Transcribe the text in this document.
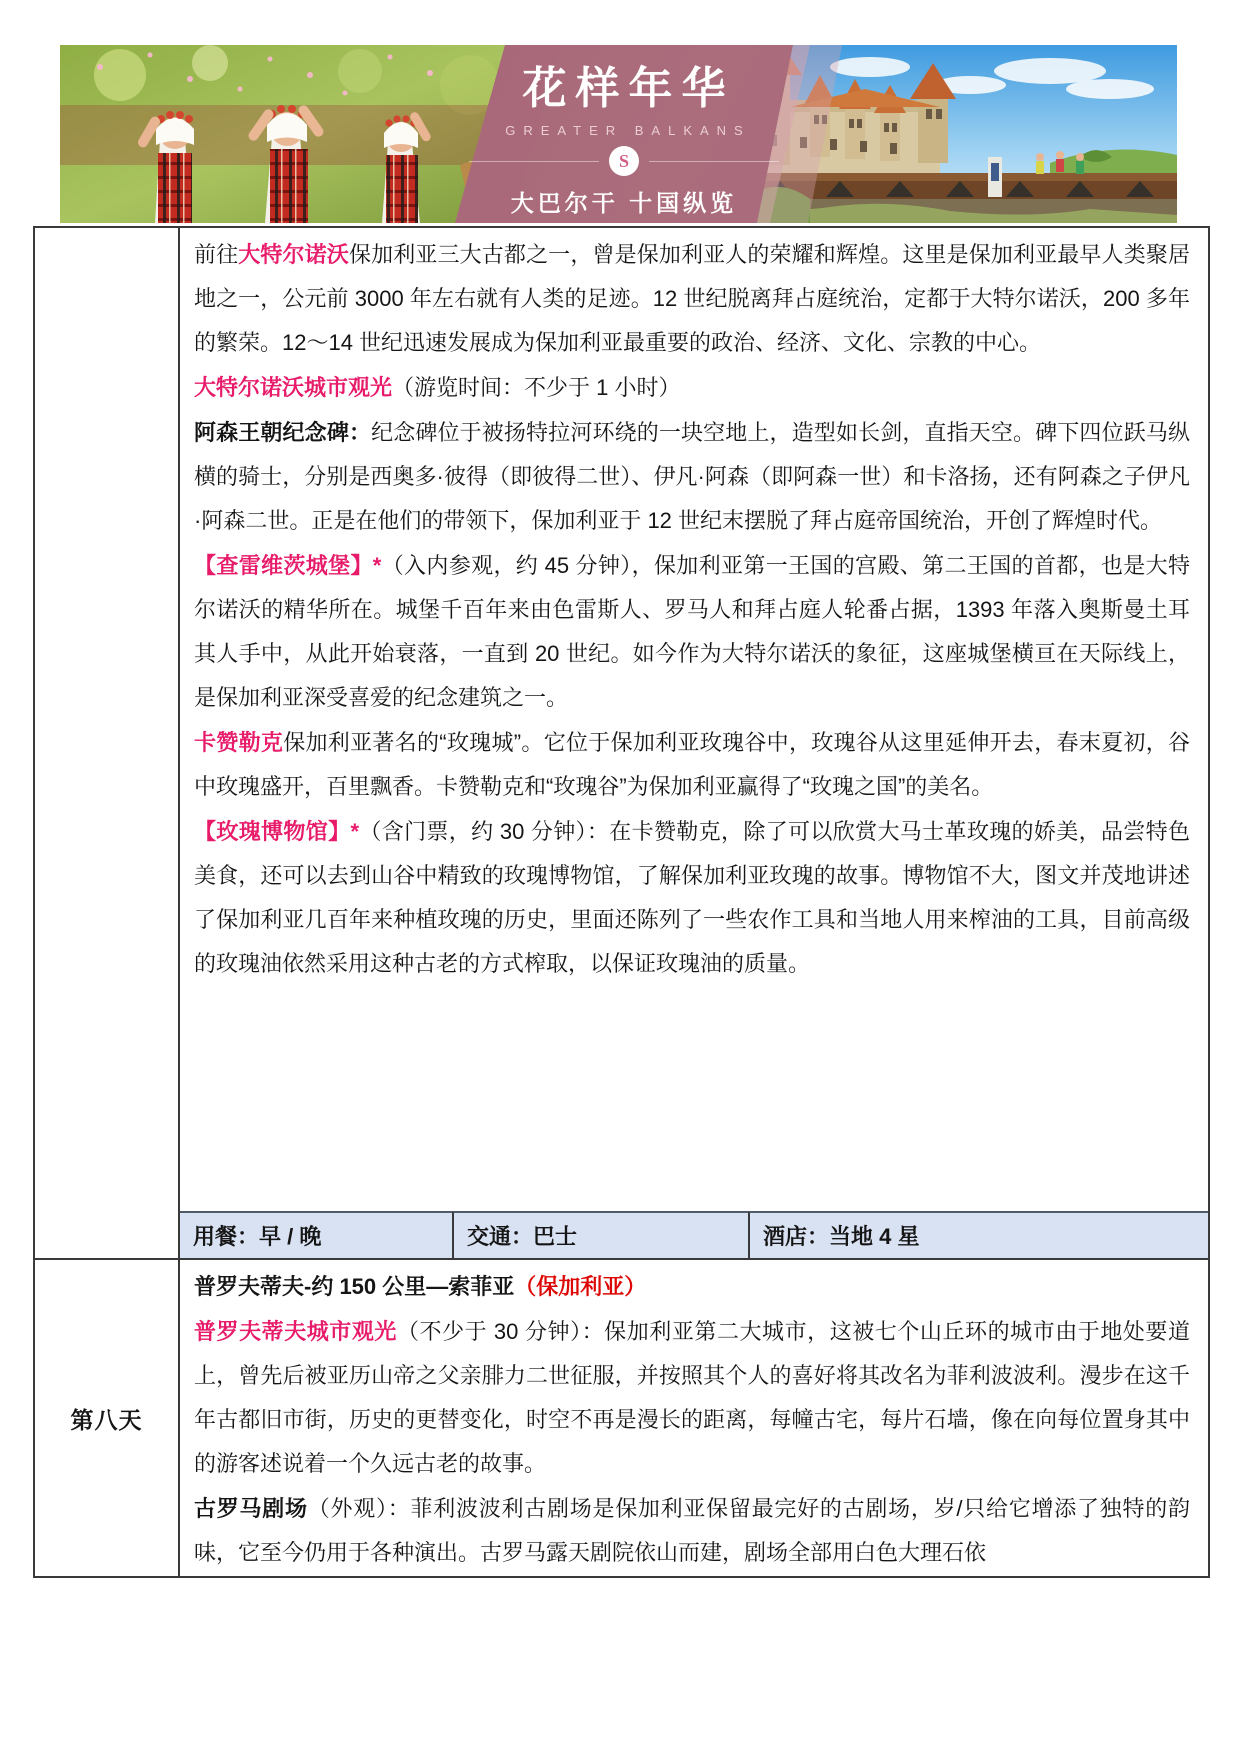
花样年华
GREATER BALKANS
S
大巴尔干 十国纵览

前往大特尔诺沃保加利亚三大古都之一，曾是保加利亚人的荣耀和辉煌。这里是保加利亚最早人类聚居地之一，公元前 3000 年左右就有人类的足迹。12 世纪脱离拜占庭统治，定都于大特尔诺沃，200 多年的繁荣。12～14 世纪迅速发展成为保加利亚最重要的政治、经济、文化、宗教的中心。

大特尔诺沃城市观光（游览时间：不少于 1 小时）

阿森王朝纪念碑：纪念碑位于被扬特拉河环绕的一块空地上，造型如长剑，直指天空。碑下四位跃马纵横的骑士，分别是西奥多·彼得（即彼得二世）、伊凡·阿森（即阿森一世）和卡洛扬，还有阿森之子伊凡·阿森二世。正是在他们的带领下，保加利亚于 12 世纪末摆脱了拜占庭帝国统治，开创了辉煌时代。

【查雷维茨城堡】*（入内参观，约 45 分钟），保加利亚第一王国的宫殿、第二王国的首都，也是大特尔诺沃的精华所在。城堡千百年来由色雷斯人、罗马人和拜占庭人轮番占据，1393 年落入奥斯曼土耳其人手中，从此开始衰落，一直到 20 世纪。如今作为大特尔诺沃的象征，这座城堡横亘在天际线上，是保加利亚深受喜爱的纪念建筑之一。

卡赞勒克保加利亚著名的“玫瑰城”。它位于保加利亚玫瑰谷中，玫瑰谷从这里延伸开去，春末夏初，谷中玫瑰盛开，百里飘香。卡赞勒克和“玫瑰谷”为保加利亚赢得了“玫瑰之国”的美名。

【玫瑰博物馆】*（含门票，约 30 分钟）：在卡赞勒克，除了可以欣赏大马士革玫瑰的娇美，品尝特色美食，还可以去到山谷中精致的玫瑰博物馆，了解保加利亚玫瑰的故事。博物馆不大，图文并茂地讲述了保加利亚几百年来种植玫瑰的历史，里面还陈列了一些农作工具和当地人用来榨油的工具，目前高级的玫瑰油依然采用这种古老的方式榨取，以保证玫瑰油的质量。

用餐：早 / 晚	交通：巴士	酒店：当地 4 星
第八天

普罗夫蒂夫-约 150 公里—索菲亚（保加利亚）

普罗夫蒂夫城市观光（不少于 30 分钟）：保加利亚第二大城市，这被七个山丘环的城市由于地处要道上，曾先后被亚历山帝之父亲腓力二世征服，并按照其个人的喜好将其改名为菲利波波利。漫步在这千年古都旧市街，历史的更替变化，时空不再是漫长的距离，每幢古宅，每片石墙，像在向每位置身其中的游客述说着一个久远古老的故事。

古罗马剧场（外观）：菲利波波利古剧场是保加利亚保留最完好的古剧场，岁/只给它增添了独特的韵味，它至今仍用于各种演出。古罗马露天剧院依山而建，剧场全部用白色大理石依
